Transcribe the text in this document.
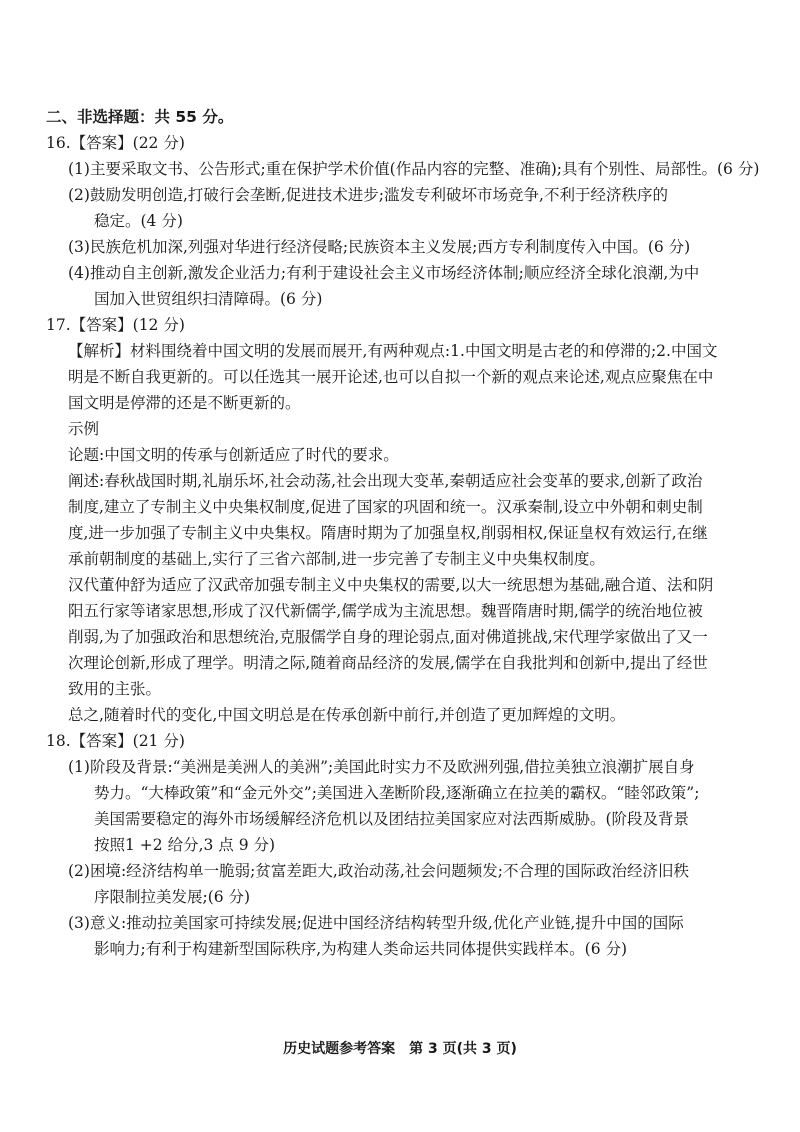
二、非选择题：共 55 分。
16.【答案】(22 分)
(1)主要采取文书、公告形式;重在保护学术价值(作品内容的完整、准确);具有个别性、局部性。(6 分)
(2)鼓励发明创造,打破行会垄断,促进技术进步;滥发专利破坏市场竞争,不利于经济秩序的
稳定。(4 分)
(3)民族危机加深,列强对华进行经济侵略;民族资本主义发展;西方专利制度传入中国。(6 分)
(4)推动自主创新,激发企业活力;有利于建设社会主义市场经济体制;顺应经济全球化浪潮,为中
国加入世贸组织扫清障碍。(6 分)
17.【答案】(12 分)
【解析】材料围绕着中国文明的发展而展开,有两种观点:1.中国文明是古老的和停滞的;2.中国文
明是不断自我更新的。可以任选其一展开论述,也可以自拟一个新的观点来论述,观点应聚焦在中
国文明是停滞的还是不断更新的。
示例
论题:中国文明的传承与创新适应了时代的要求。
阐述:春秋战国时期,礼崩乐坏,社会动荡,社会出现大变革,秦朝适应社会变革的要求,创新了政治
制度,建立了专制主义中央集权制度,促进了国家的巩固和统一。汉承秦制,设立中外朝和刺史制
度,进一步加强了专制主义中央集权。隋唐时期为了加强皇权,削弱相权,保证皇权有效运行,在继
承前朝制度的基础上,实行了三省六部制,进一步完善了专制主义中央集权制度。
汉代董仲舒为适应了汉武帝加强专制主义中央集权的需要,以大一统思想为基础,融合道、法和阴
阳五行家等诸家思想,形成了汉代新儒学,儒学成为主流思想。魏晋隋唐时期,儒学的统治地位被
削弱,为了加强政治和思想统治,克服儒学自身的理论弱点,面对佛道挑战,宋代理学家做出了又一
次理论创新,形成了理学。明清之际,随着商品经济的发展,儒学在自我批判和创新中,提出了经世
致用的主张。
总之,随着时代的变化,中国文明总是在传承创新中前行,并创造了更加辉煌的文明。
18.【答案】(21 分)
(1)阶段及背景:“美洲是美洲人的美洲”;美国此时实力不及欧洲列强,借拉美独立浪潮扩展自身
势力。“大棒政策”和“金元外交”;美国进入垄断阶段,逐渐确立在拉美的霸权。“睦邻政策”;
美国需要稳定的海外市场缓解经济危机以及团结拉美国家应对法西斯威胁。(阶段及背景
按照1 +2 给分,3 点 9 分)
(2)困境:经济结构单一脆弱;贫富差距大,政治动荡,社会问题频发;不合理的国际政治经济旧秩
序限制拉美发展;(6 分)
(3)意义:推动拉美国家可持续发展;促进中国经济结构转型升级,优化产业链,提升中国的国际
影响力;有利于构建新型国际秩序,为构建人类命运共同体提供实践样本。(6 分)
历史试题参考答案　第 3 页(共 3 页)
